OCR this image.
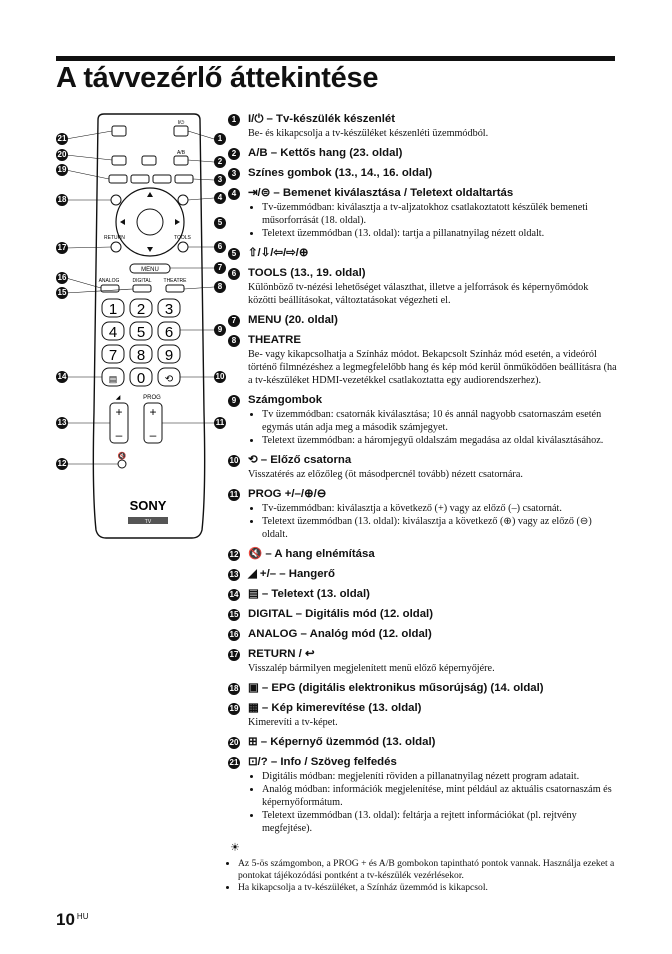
A távvezérlő áttekintése
I/⏻
A/B
RETURN	TOOLS
MENU
ANALOG	DIGITAL THEATRE
1 2 3
4 5 6
7 8 9
▤ 0 ⟲
◢	PROG
+
–
+
–
🔇
SONY
TV
21
20
19
18
17
16
15
14
13
12
1
2
3
4
5
6
7
8
9
10
11
1	I/⏻ – Tv-készülék készenlét
Be- és kikapcsolja a tv-készüléket készenléti üzemmódból.
2	A/B – Kettős hang (23. oldal)
3	Színes gombok (13., 14., 16. oldal)
4	⇥/⊜ – Bemenet kiválasztása / Teletext oldaltartás
• Tv-üzemmódban: kiválasztja a tv-aljzatokhoz csatlakoztatott készülék bemeneti műsorforrását (18. oldal).
• Teletext üzemmódban (13. oldal): tartja a pillanatnyilag nézett oldalt.
5	⇧/⇩/⇦/⇨/⊕
6	TOOLS (13., 19. oldal)
Különböző tv-nézési lehetőséget választhat, illetve a jelforrások és képernyőmódok közötti beállításokat, változtatásokat végezheti el.
7	MENU (20. oldal)
8	THEATRE
Be- vagy kikapcsolhatja a Színház módot. Bekapcsolt Színház mód esetén, a videóról történő filmnézéshez a legmegfelelőbb hang és kép mód kerül önműködően beállításra (ha a tv-készüléket HDMI-vezetékkel csatlakoztatta egy audiorendszerhez).
9	Számgombok
• Tv üzemmódban: csatornák kiválasztása; 10 és annál nagyobb csatornaszám esetén egymás után adja meg a második számjegyet.
• Teletext üzemmódban: a háromjegyű oldalszám megadása az oldal kiválasztásához.
10 ⟲ – Előző csatorna
Visszatérés az előzőleg (öt másodpercnél tovább) nézett csatornára.
11 PROG +/–/⊕/⊖
• Tv-üzemmódban: kiválasztja a következő (+) vagy az előző (–) csatornát.
• Teletext üzemmódban (13. oldal): kiválasztja a következő (⊕) vagy az előző (⊖) oldalt.
12 🔇 – A hang elnémítása
13 ◢ +/– – Hangerő
14 ▤ – Teletext (13. oldal)
15 DIGITAL – Digitális mód (12. oldal)
16 ANALOG – Analóg mód (12. oldal)
17 RETURN / ↩
Visszalép bármilyen megjelenített menü előző képernyőjére.
18 ▣ – EPG (digitális elektronikus műsorújság) (14. oldal)
19 ▦ – Kép kimerevítése (13. oldal)
Kimerevíti a tv-képet.
20 ⊞ – Képernyő üzemmód (13. oldal)
21 ⊡/? – Info / Szöveg felfedés
• Digitális módban: megjeleníti röviden a pillanatnyilag nézett program adatait.
• Analóg módban: információk megjelenítése, mint például az aktuális csatornaszám és képernyőformátum.
• Teletext üzemmódban (13. oldal): feltárja a rejtett információkat (pl. rejtvény megfejtése).
☀
• Az 5-ös számgombon, a PROG + és A/B gombokon tapintható pontok vannak. Használja ezeket a pontokat tájékozódási pontként a tv-készülék vezérlésekor.
• Ha kikapcsolja a tv-készüléket, a Színház üzemmód is kikapcsol.
10 $^{HU}$
